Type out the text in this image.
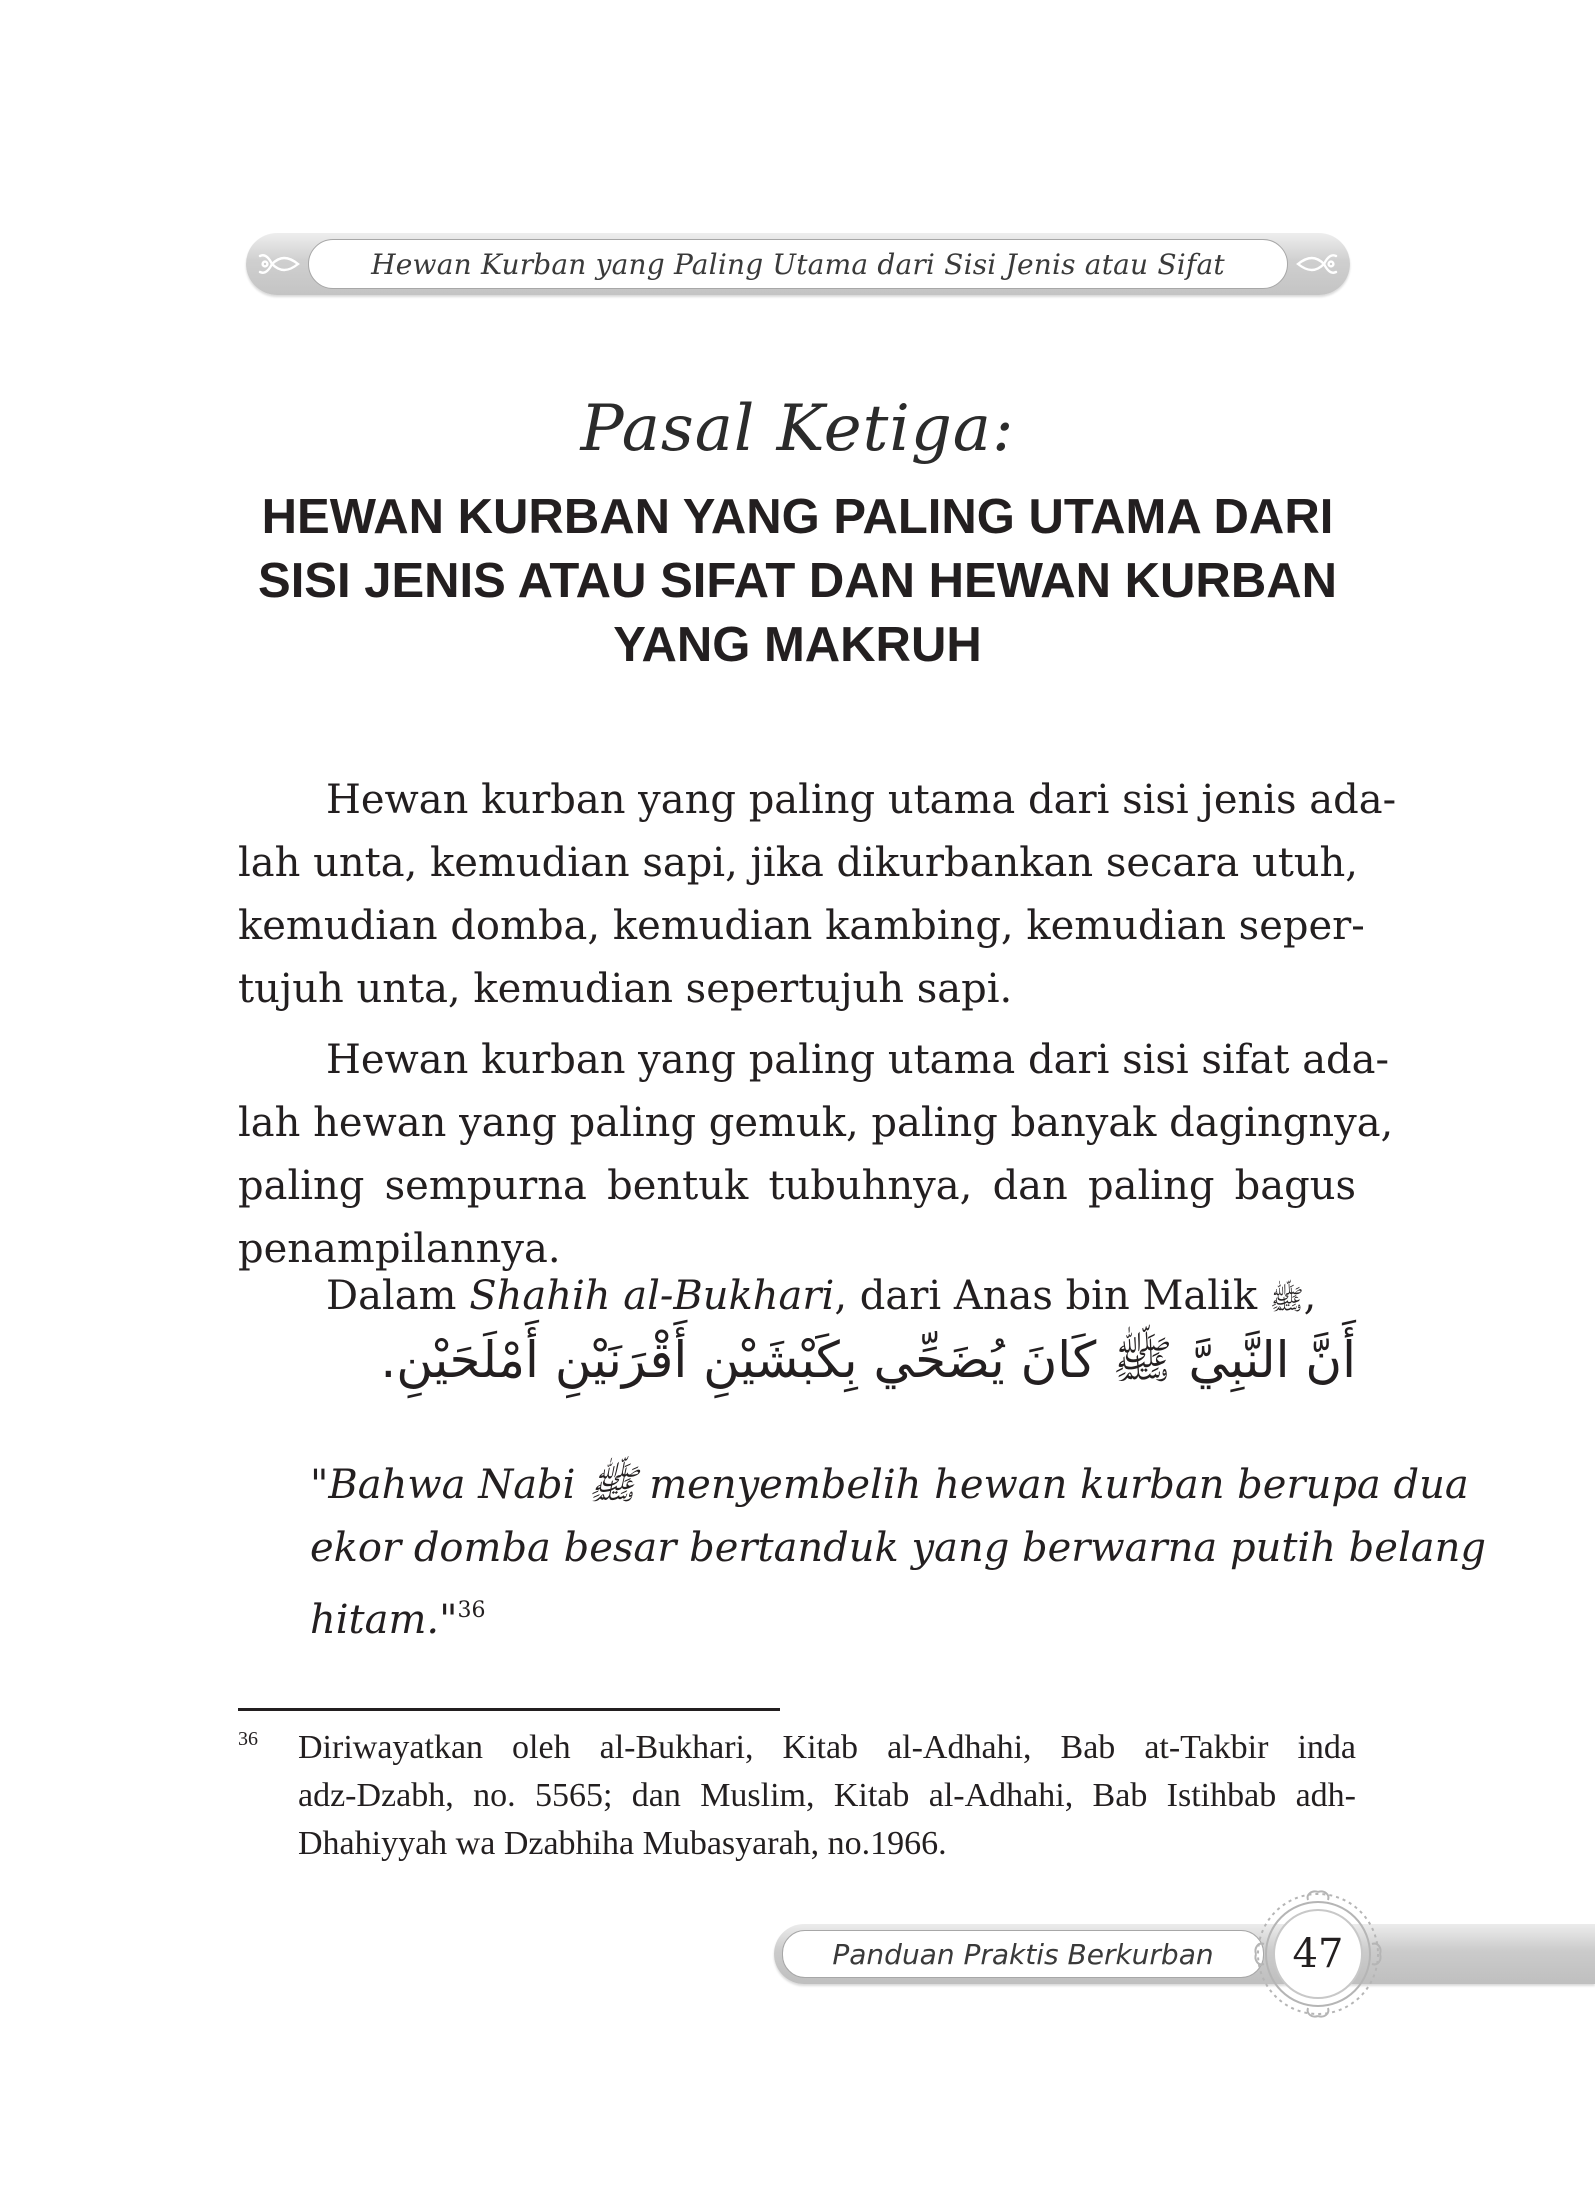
Hewan Kurban yang Paling Utama dari Sisi Jenis atau Sifat
Pasal Ketiga:
HEWAN KURBAN YANG PALING UTAMA DARI
SISI JENIS ATAU SIFAT DAN HEWAN KURBAN
YANG MAKRUH
Hewan kurban yang paling utama dari sisi jenis ada-
lah unta, kemudian sapi, jika dikurbankan secara utuh,
kemudian domba, kemudian kambing, kemudian seper-
tujuh unta, kemudian sepertujuh sapi.
Hewan kurban yang paling utama dari sisi sifat ada-
lah hewan yang paling gemuk, paling banyak dagingnya,
paling sempurna bentuk tubuhnya, dan paling bagus
penampilannya.
Dalam Shahih al-Bukhari, dari Anas bin Malik ﷺ,
أَنَّ النَّبِيَّ ﷺ كَانَ يُضَحِّي بِكَبْشَيْنِ أَقْرَنَيْنِ أَمْلَحَيْنِ.
"Bahwa Nabi ﷺ menyembelih hewan kurban berupa dua
ekor domba besar bertanduk yang berwarna putih belang
hitam."$^{36}$
36 Diriwayatkan oleh al-Bukhari, Kitab al-Adhahi, Bab at-Takbir inda
adz-Dzabh, no. 5565; dan Muslim, Kitab al-Adhahi, Bab Istihbab adh-
Dhahiyyah wa Dzabhiha Mubasyarah, no.1966.
Panduan Praktis Berkurban	47
